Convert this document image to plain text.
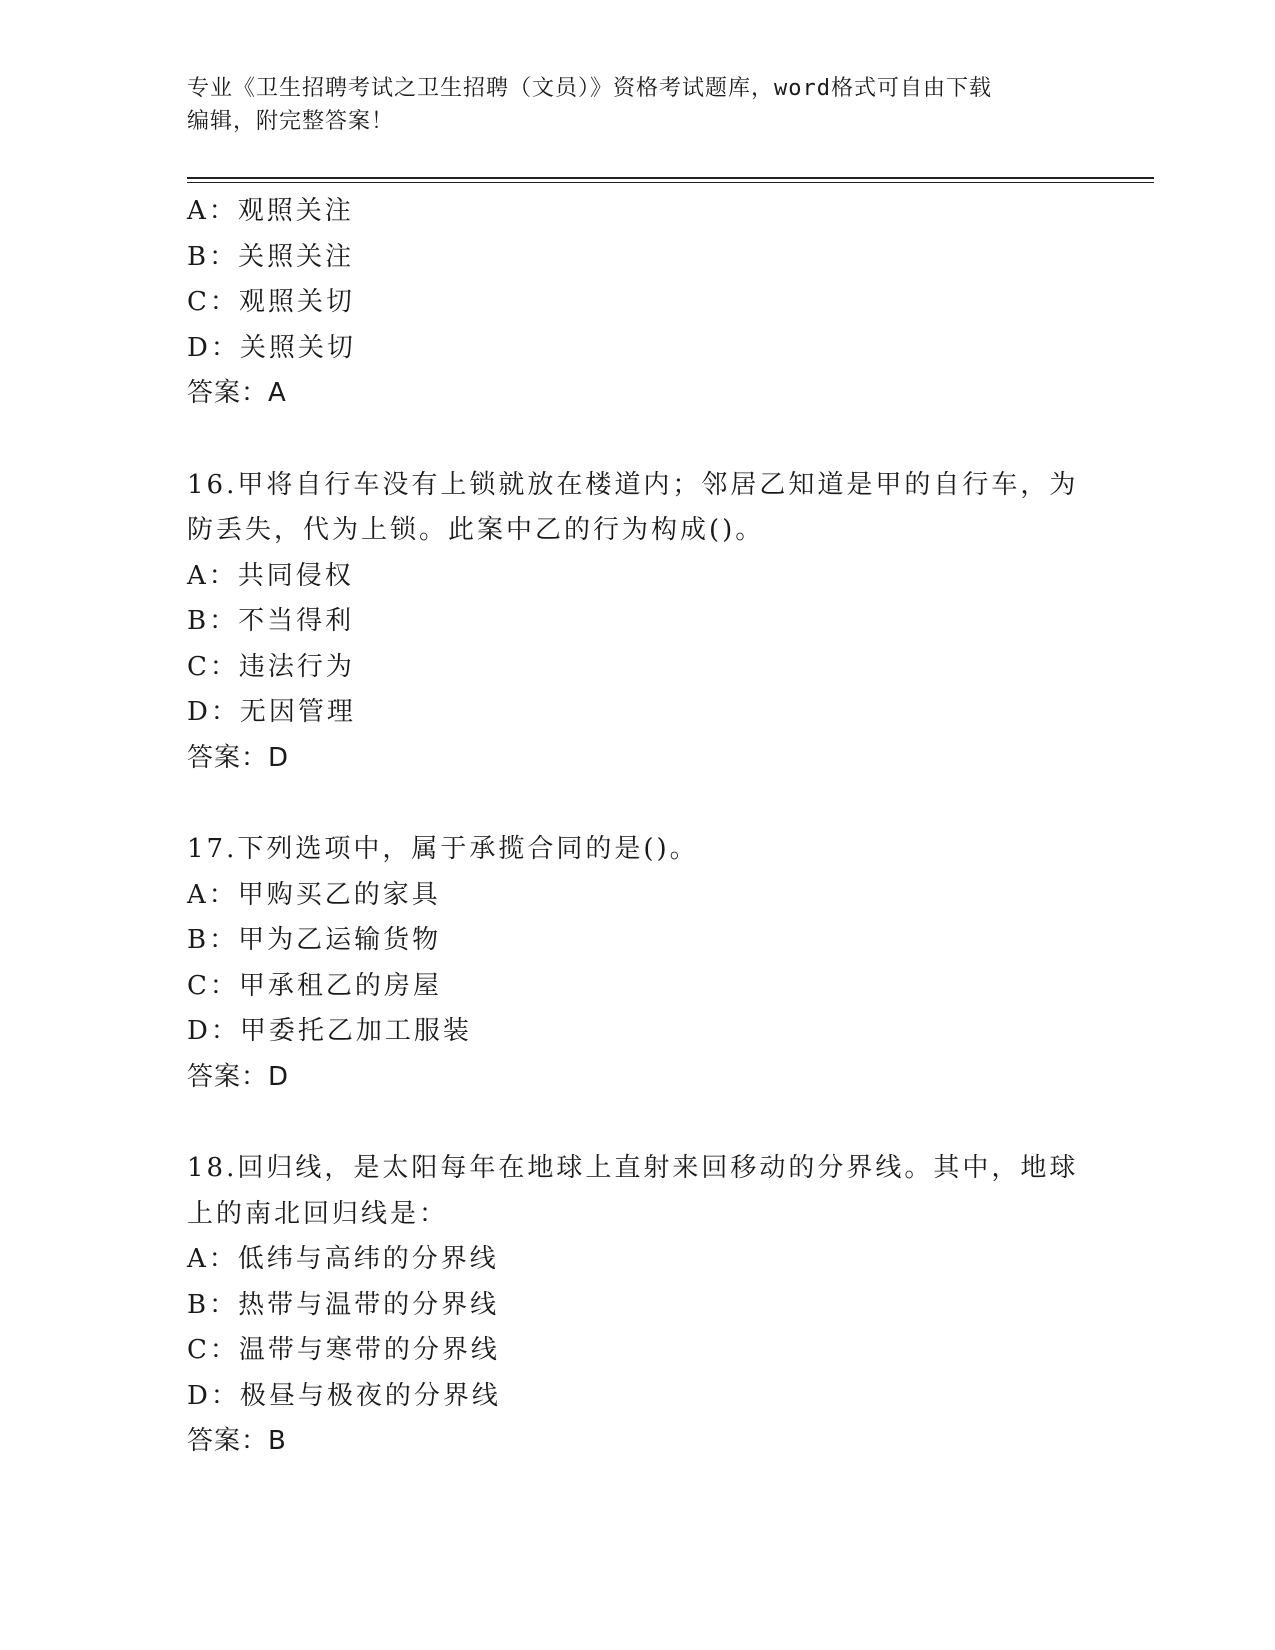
专业《卫生招聘考试之卫生招聘（文员）》资格考试题库，word格式可自由下载
编辑，附完整答案！
A：观照关注
B：关照关注
C：观照关切
D：关照关切
答案：A
16.甲将自行车没有上锁就放在楼道内；邻居乙知道是甲的自行车，为
防丢失，代为上锁。此案中乙的行为构成()。
A：共同侵权
B：不当得利
C：违法行为
D：无因管理
答案：D
17.下列选项中，属于承揽合同的是()。
A：甲购买乙的家具
B：甲为乙运输货物
C：甲承租乙的房屋
D：甲委托乙加工服装
答案：D
18.回归线，是太阳每年在地球上直射来回移动的分界线。其中，地球
上的南北回归线是：
A：低纬与高纬的分界线
B：热带与温带的分界线
C：温带与寒带的分界线
D：极昼与极夜的分界线
答案：B
